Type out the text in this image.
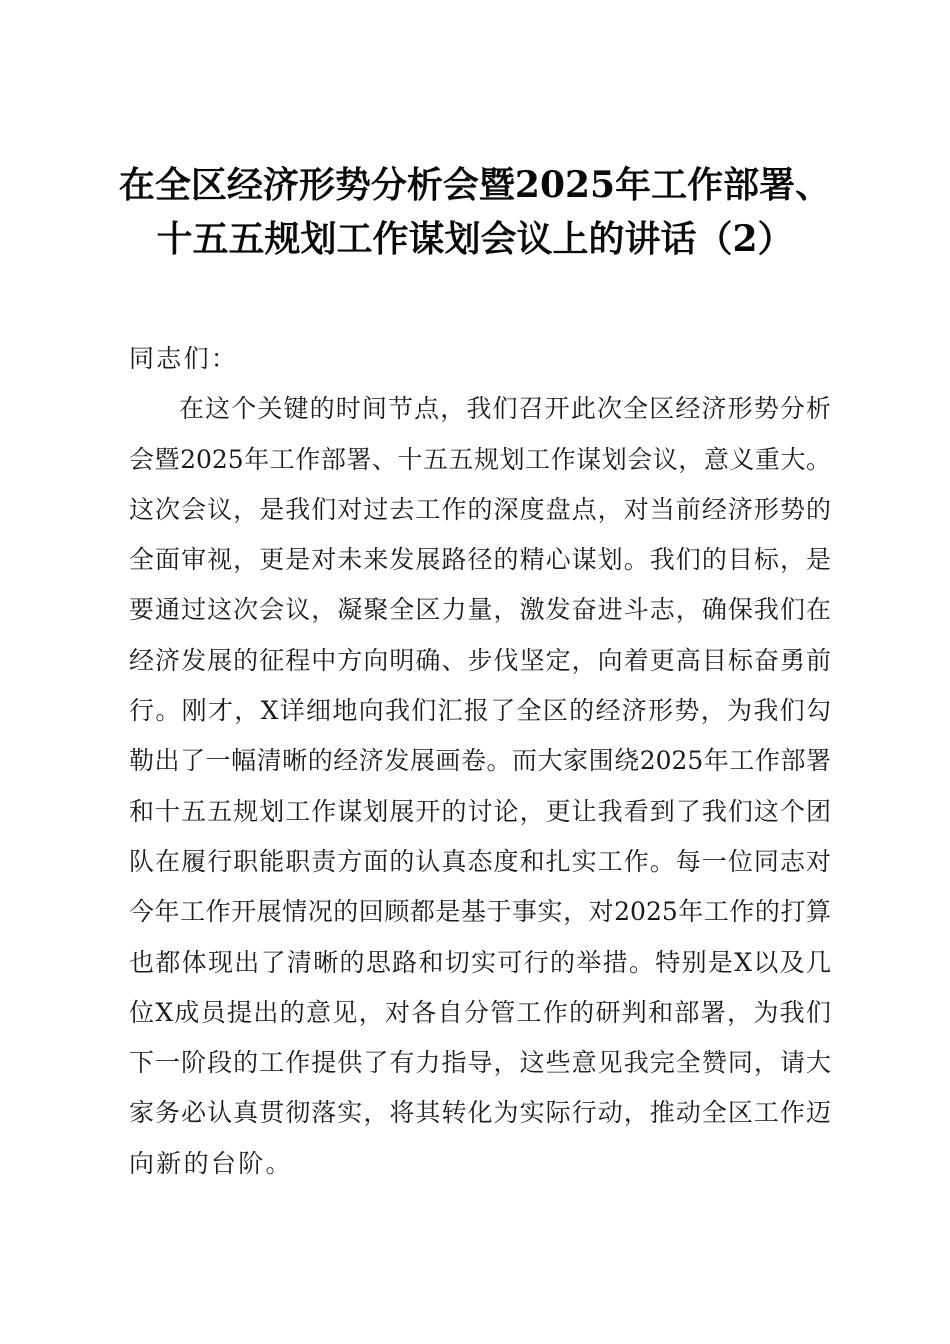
在全区经济形势分析会暨2025年工作部署、
十五五规划工作谋划会议上的讲话（2）
同志们：
在这个关键的时间节点，我们召开此次全区经济形势分析
会暨2025年工作部署、十五五规划工作谋划会议，意义重大。
这次会议，是我们对过去工作的深度盘点，对当前经济形势的
全面审视，更是对未来发展路径的精心谋划。我们的目标，是
要通过这次会议，凝聚全区力量，激发奋进斗志，确保我们在
经济发展的征程中方向明确、步伐坚定，向着更高目标奋勇前
行。刚才，X详细地向我们汇报了全区的经济形势，为我们勾
勒出了一幅清晰的经济发展画卷。而大家围绕2025年工作部署
和十五五规划工作谋划展开的讨论，更让我看到了我们这个团
队在履行职能职责方面的认真态度和扎实工作。每一位同志对
今年工作开展情况的回顾都是基于事实，对2025年工作的打算
也都体现出了清晰的思路和切实可行的举措。特别是X以及几
位X成员提出的意见，对各自分管工作的研判和部署，为我们
下一阶段的工作提供了有力指导，这些意见我完全赞同，请大
家务必认真贯彻落实，将其转化为实际行动，推动全区工作迈
向新的台阶。
